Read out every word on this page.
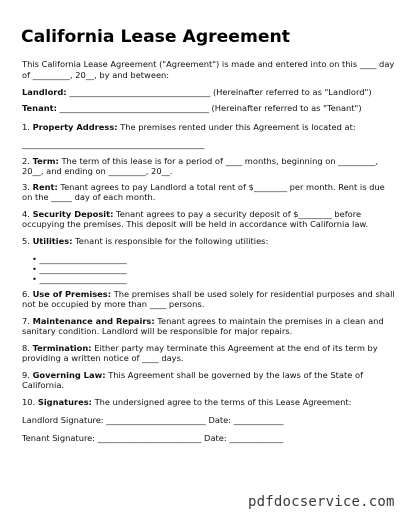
California Lease Agreement
This California Lease Agreement ("Agreement") is made and entered into on this ____ day
of _________, 20__, by and between:
Landlord: __________________________________ (Hereinafter referred to as "Landlord")
Tenant: ____________________________________ (Hereinafter referred to as "Tenant")
1. Property Address: The premises rented under this Agreement is located at:
____________________________________________
2. Term: The term of this lease is for a period of ____ months, beginning on _________,
20__, and ending on _________, 20__.
3. Rent: Tenant agrees to pay Landlord a total rent of $________ per month. Rent is due
on the _____ day of each month.
4. Security Deposit: Tenant agrees to pay a security deposit of $________ before
occupying the premises. This deposit will be held in accordance with California law.
5. Utilities: Tenant is responsible for the following utilities:
• _____________________
• _____________________
• _____________________
6. Use of Premises: The premises shall be used solely for residential purposes and shall
not be occupied by more than ____ persons.
7. Maintenance and Repairs: Tenant agrees to maintain the premises in a clean and
sanitary condition. Landlord will be responsible for major repairs.
8. Termination: Either party may terminate this Agreement at the end of its term by
providing a written notice of ____ days.
9. Governing Law: This Agreement shall be governed by the laws of the State of
California.
10. Signatures: The undersigned agree to the terms of this Lease Agreement:
Landlord Signature: ________________________ Date: ____________
Tenant Signature: _________________________ Date: _____________
pdfdocservice.com
